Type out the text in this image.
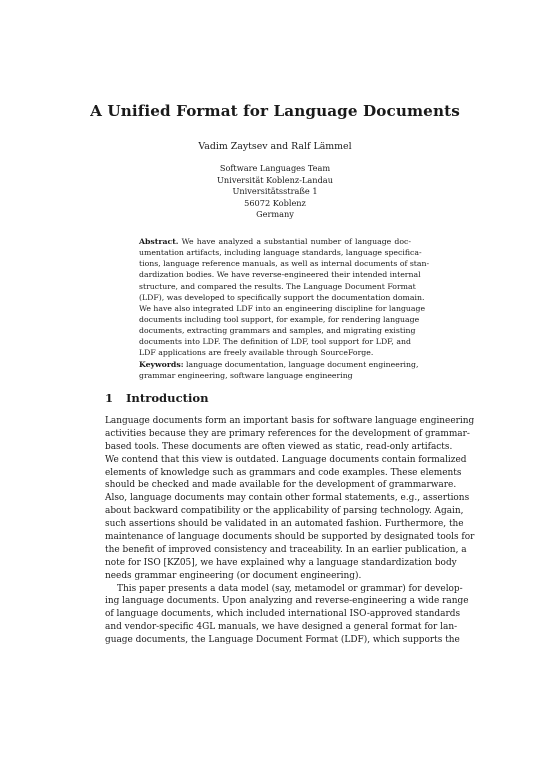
A Unified Format for Language Documents
Vadim Zaytsev and Ralf Lämmel
Software Languages Team
Universität Koblenz-Landau
Universitätsstraße 1
56072 Koblenz
Germany
Abstract. We have analyzed a substantial number of language doc-
umentation artifacts, including language standards, language specifica-
tions, language reference manuals, as well as internal documents of stan-
dardization bodies. We have reverse-engineered their intended internal
structure, and compared the results. The Language Document Format
(LDF), was developed to specifically support the documentation domain.
We have also integrated LDF into an engineering discipline for language
documents including tool support, for example, for rendering language
documents, extracting grammars and samples, and migrating existing
documents into LDF. The definition of LDF, tool support for LDF, and
LDF applications are freely available through SourceForge.
Keywords: language documentation, language document engineering,
grammar engineering, software language engineering
1 Introduction
Language documents form an important basis for software language engineering
activities because they are primary references for the development of grammar-
based tools. These documents are often viewed as static, read-only artifacts.
We contend that this view is outdated. Language documents contain formalized
elements of knowledge such as grammars and code examples. These elements
should be checked and made available for the development of grammarware.
Also, language documents may contain other formal statements, e.g., assertions
about backward compatibility or the applicability of parsing technology. Again,
such assertions should be validated in an automated fashion. Furthermore, the
maintenance of language documents should be supported by designated tools for
the benefit of improved consistency and traceability. In an earlier publication, a
note for ISO [KZ05], we have explained why a language standardization body
needs grammar engineering (or document engineering).
This paper presents a data model (say, metamodel or grammar) for develop-
ing language documents. Upon analyzing and reverse-engineering a wide range
of language documents, which included international ISO-approved standards
and vendor-specific 4GL manuals, we have designed a general format for lan-
guage documents, the Language Document Format (LDF), which supports the
